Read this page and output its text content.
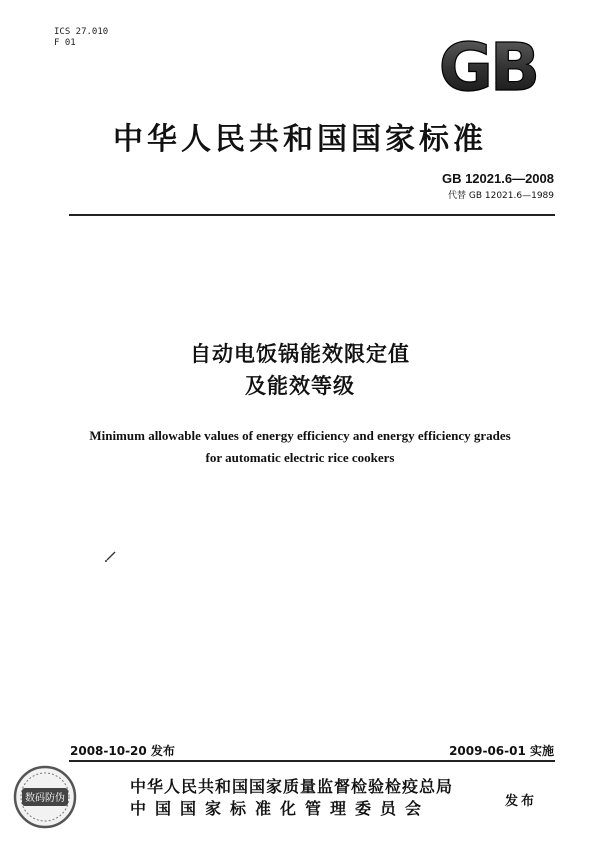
ICS 27.010
F 01	GB
中华人民共和国国家标准
GB 12021.6—2008
代替 GB 12021.6—1989
自动电饭锅能效限定值
及能效等级
Minimum allowable values of energy efficiency and energy efficiency grades
for automatic electric rice cookers
2008-10-20 发布	2009-06-01 实施
数码防伪
中华人民共和国国家质量监督检验检疫总局
中国国家标准化管理委员会	发布
